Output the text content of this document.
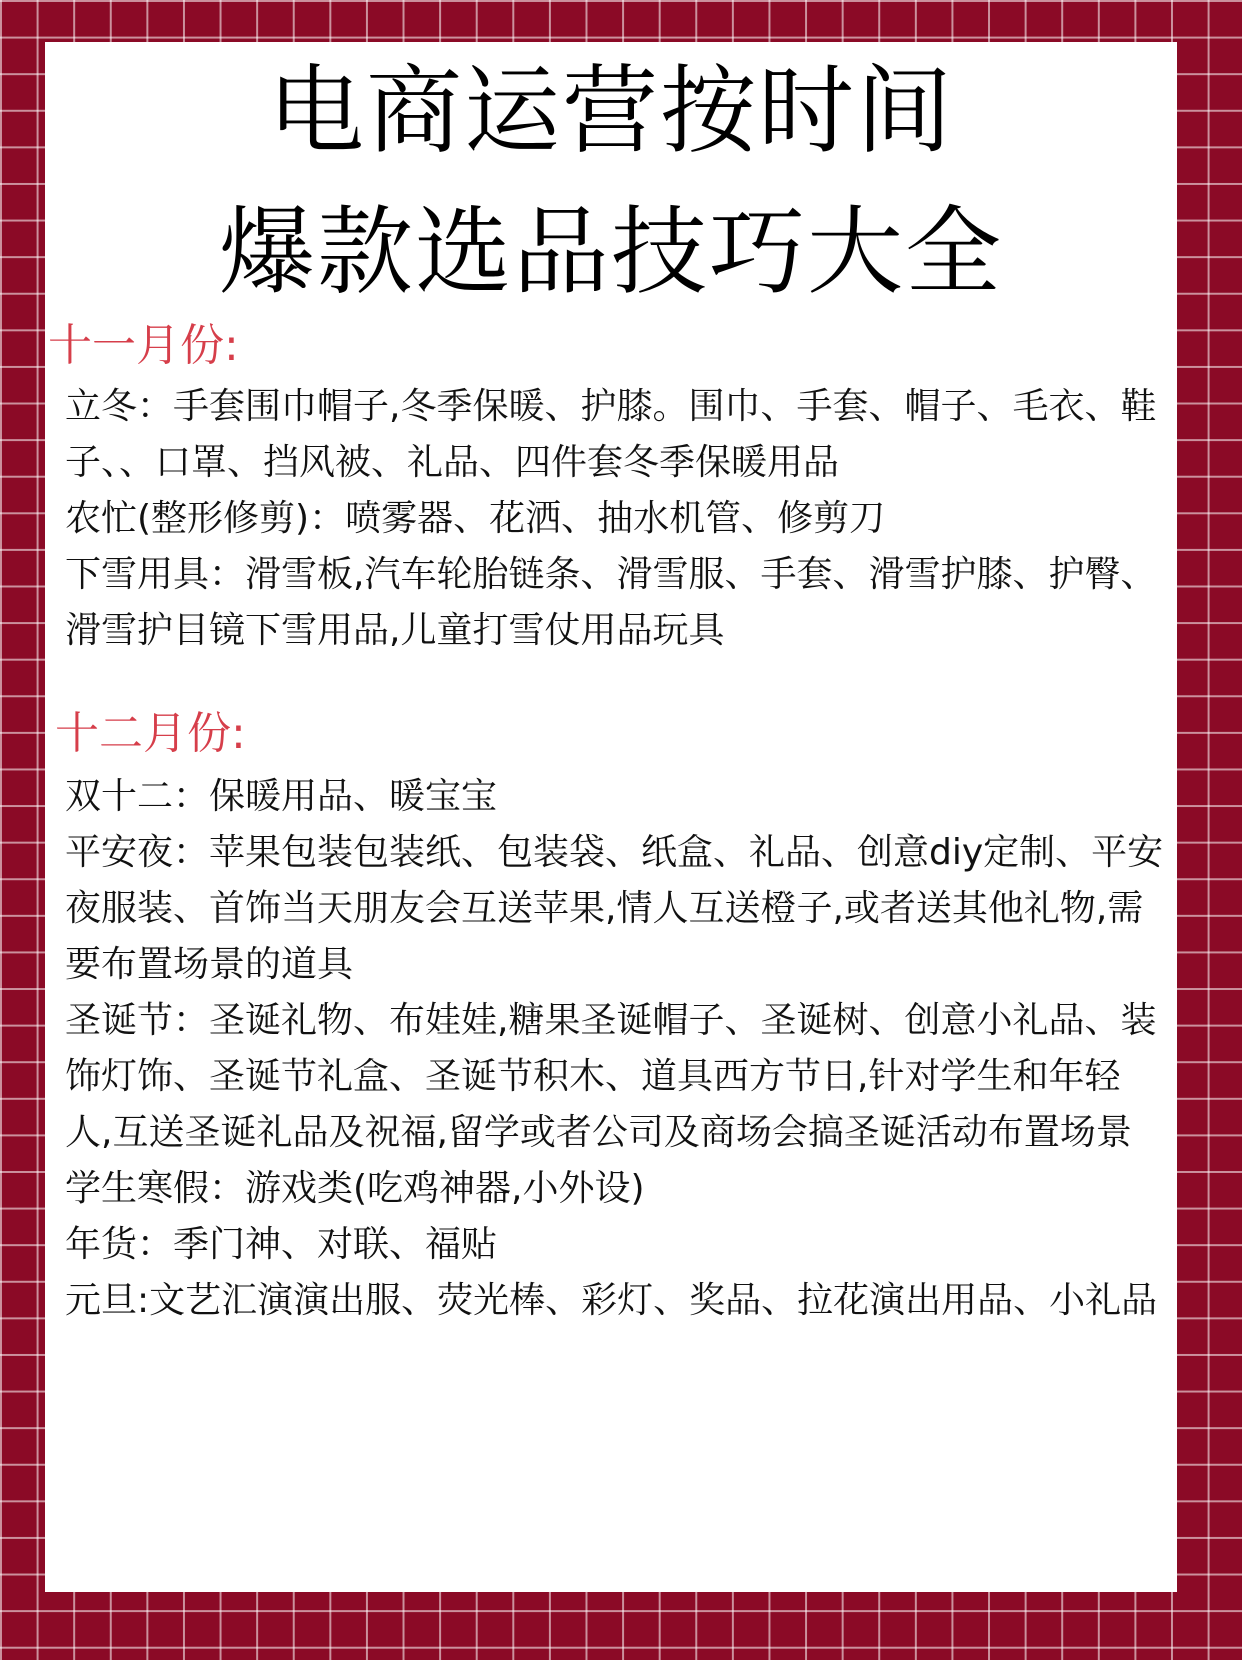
电商运营按时间
爆款选品技巧大全
十一月份:

立冬：手套围巾帽子,冬季保暖、护膝。围巾、手套、帽子、毛衣、鞋子、、口罩、挡风被、礼品、四件套冬季保暖用品

农忙(整形修剪)：喷雾器、花洒、抽水机管、修剪刀

下雪用具：滑雪板,汽车轮胎链条、滑雪服、手套、滑雪护膝、护臀、滑雪护目镜下雪用品,儿童打雪仗用品玩具

十二月份:

双十二：保暖用品、暖宝宝

平安夜：苹果包装包装纸、包装袋、纸盒、礼品、创意diy定制、平安夜服装、首饰当天朋友会互送苹果,情人互送橙子,或者送其他礼物,需要布置场景的道具

圣诞节：圣诞礼物、布娃娃,糖果圣诞帽子、圣诞树、创意小礼品、装饰灯饰、圣诞节礼盒、圣诞节积木、道具西方节日,针对学生和年轻人,互送圣诞礼品及祝福,留学或者公司及商场会搞圣诞活动布置场景

学生寒假：游戏类(吃鸡神器,小外设)

年货：季门神、对联、福贴

元旦:文艺汇演演出服、荧光棒、彩灯、奖品、拉花演出用品、小礼品
